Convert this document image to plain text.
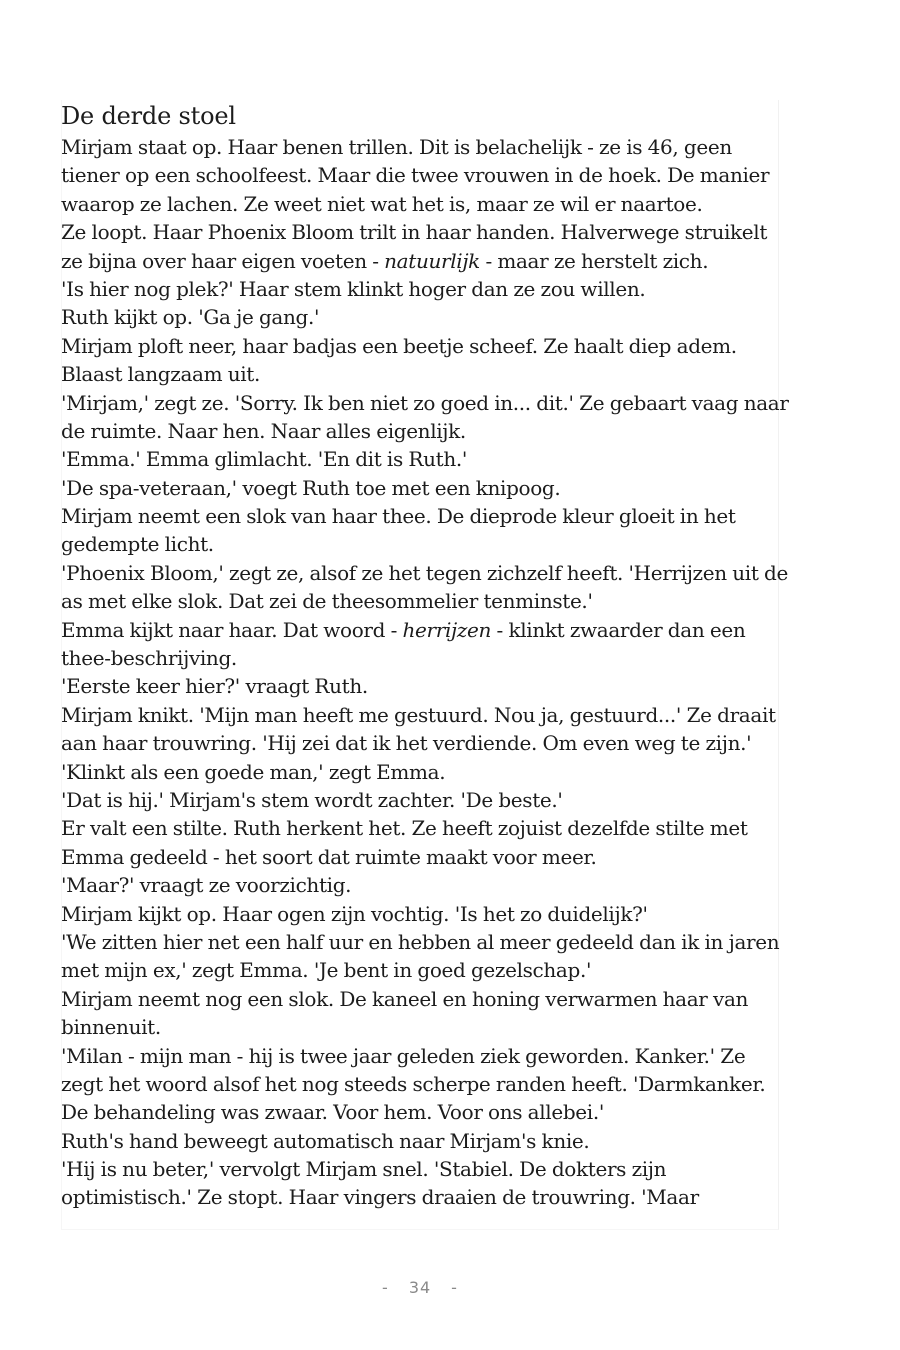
De derde stoel
Mirjam staat op. Haar benen trillen. Dit is belachelijk - ze is 46, geen
tiener op een schoolfeest. Maar die twee vrouwen in de hoek. De manier
waarop ze lachen. Ze weet niet wat het is, maar ze wil er naartoe.
Ze loopt. Haar Phoenix Bloom trilt in haar handen. Halverwege struikelt
ze bijna over haar eigen voeten - natuurlijk - maar ze herstelt zich.
'Is hier nog plek?' Haar stem klinkt hoger dan ze zou willen.
Ruth kijkt op. 'Ga je gang.'
Mirjam ploft neer, haar badjas een beetje scheef. Ze haalt diep adem.
Blaast langzaam uit.
'Mirjam,' zegt ze. 'Sorry. Ik ben niet zo goed in... dit.' Ze gebaart vaag naar
de ruimte. Naar hen. Naar alles eigenlijk.
'Emma.' Emma glimlacht. 'En dit is Ruth.'
'De spa-veteraan,' voegt Ruth toe met een knipoog.
Mirjam neemt een slok van haar thee. De dieprode kleur gloeit in het
gedempte licht.
'Phoenix Bloom,' zegt ze, alsof ze het tegen zichzelf heeft. 'Herrijzen uit de
as met elke slok. Dat zei de theesommelier tenminste.'
Emma kijkt naar haar. Dat woord - herrijzen - klinkt zwaarder dan een
thee-beschrijving.
'Eerste keer hier?' vraagt Ruth.
Mirjam knikt. 'Mijn man heeft me gestuurd. Nou ja, gestuurd...' Ze draait
aan haar trouwring. 'Hij zei dat ik het verdiende. Om even weg te zijn.'
'Klinkt als een goede man,' zegt Emma.
'Dat is hij.' Mirjam's stem wordt zachter. 'De beste.'
Er valt een stilte. Ruth herkent het. Ze heeft zojuist dezelfde stilte met
Emma gedeeld - het soort dat ruimte maakt voor meer.
'Maar?' vraagt ze voorzichtig.
Mirjam kijkt op. Haar ogen zijn vochtig. 'Is het zo duidelijk?'
'We zitten hier net een half uur en hebben al meer gedeeld dan ik in jaren
met mijn ex,' zegt Emma. 'Je bent in goed gezelschap.'
Mirjam neemt nog een slok. De kaneel en honing verwarmen haar van
binnenuit.
'Milan - mijn man - hij is twee jaar geleden ziek geworden. Kanker.' Ze
zegt het woord alsof het nog steeds scherpe randen heeft. 'Darmkanker.
De behandeling was zwaar. Voor hem. Voor ons allebei.'
Ruth's hand beweegt automatisch naar Mirjam's knie.
'Hij is nu beter,' vervolgt Mirjam snel. 'Stabiel. De dokters zijn
optimistisch.' Ze stopt. Haar vingers draaien de trouwring. 'Maar
- 34 -
